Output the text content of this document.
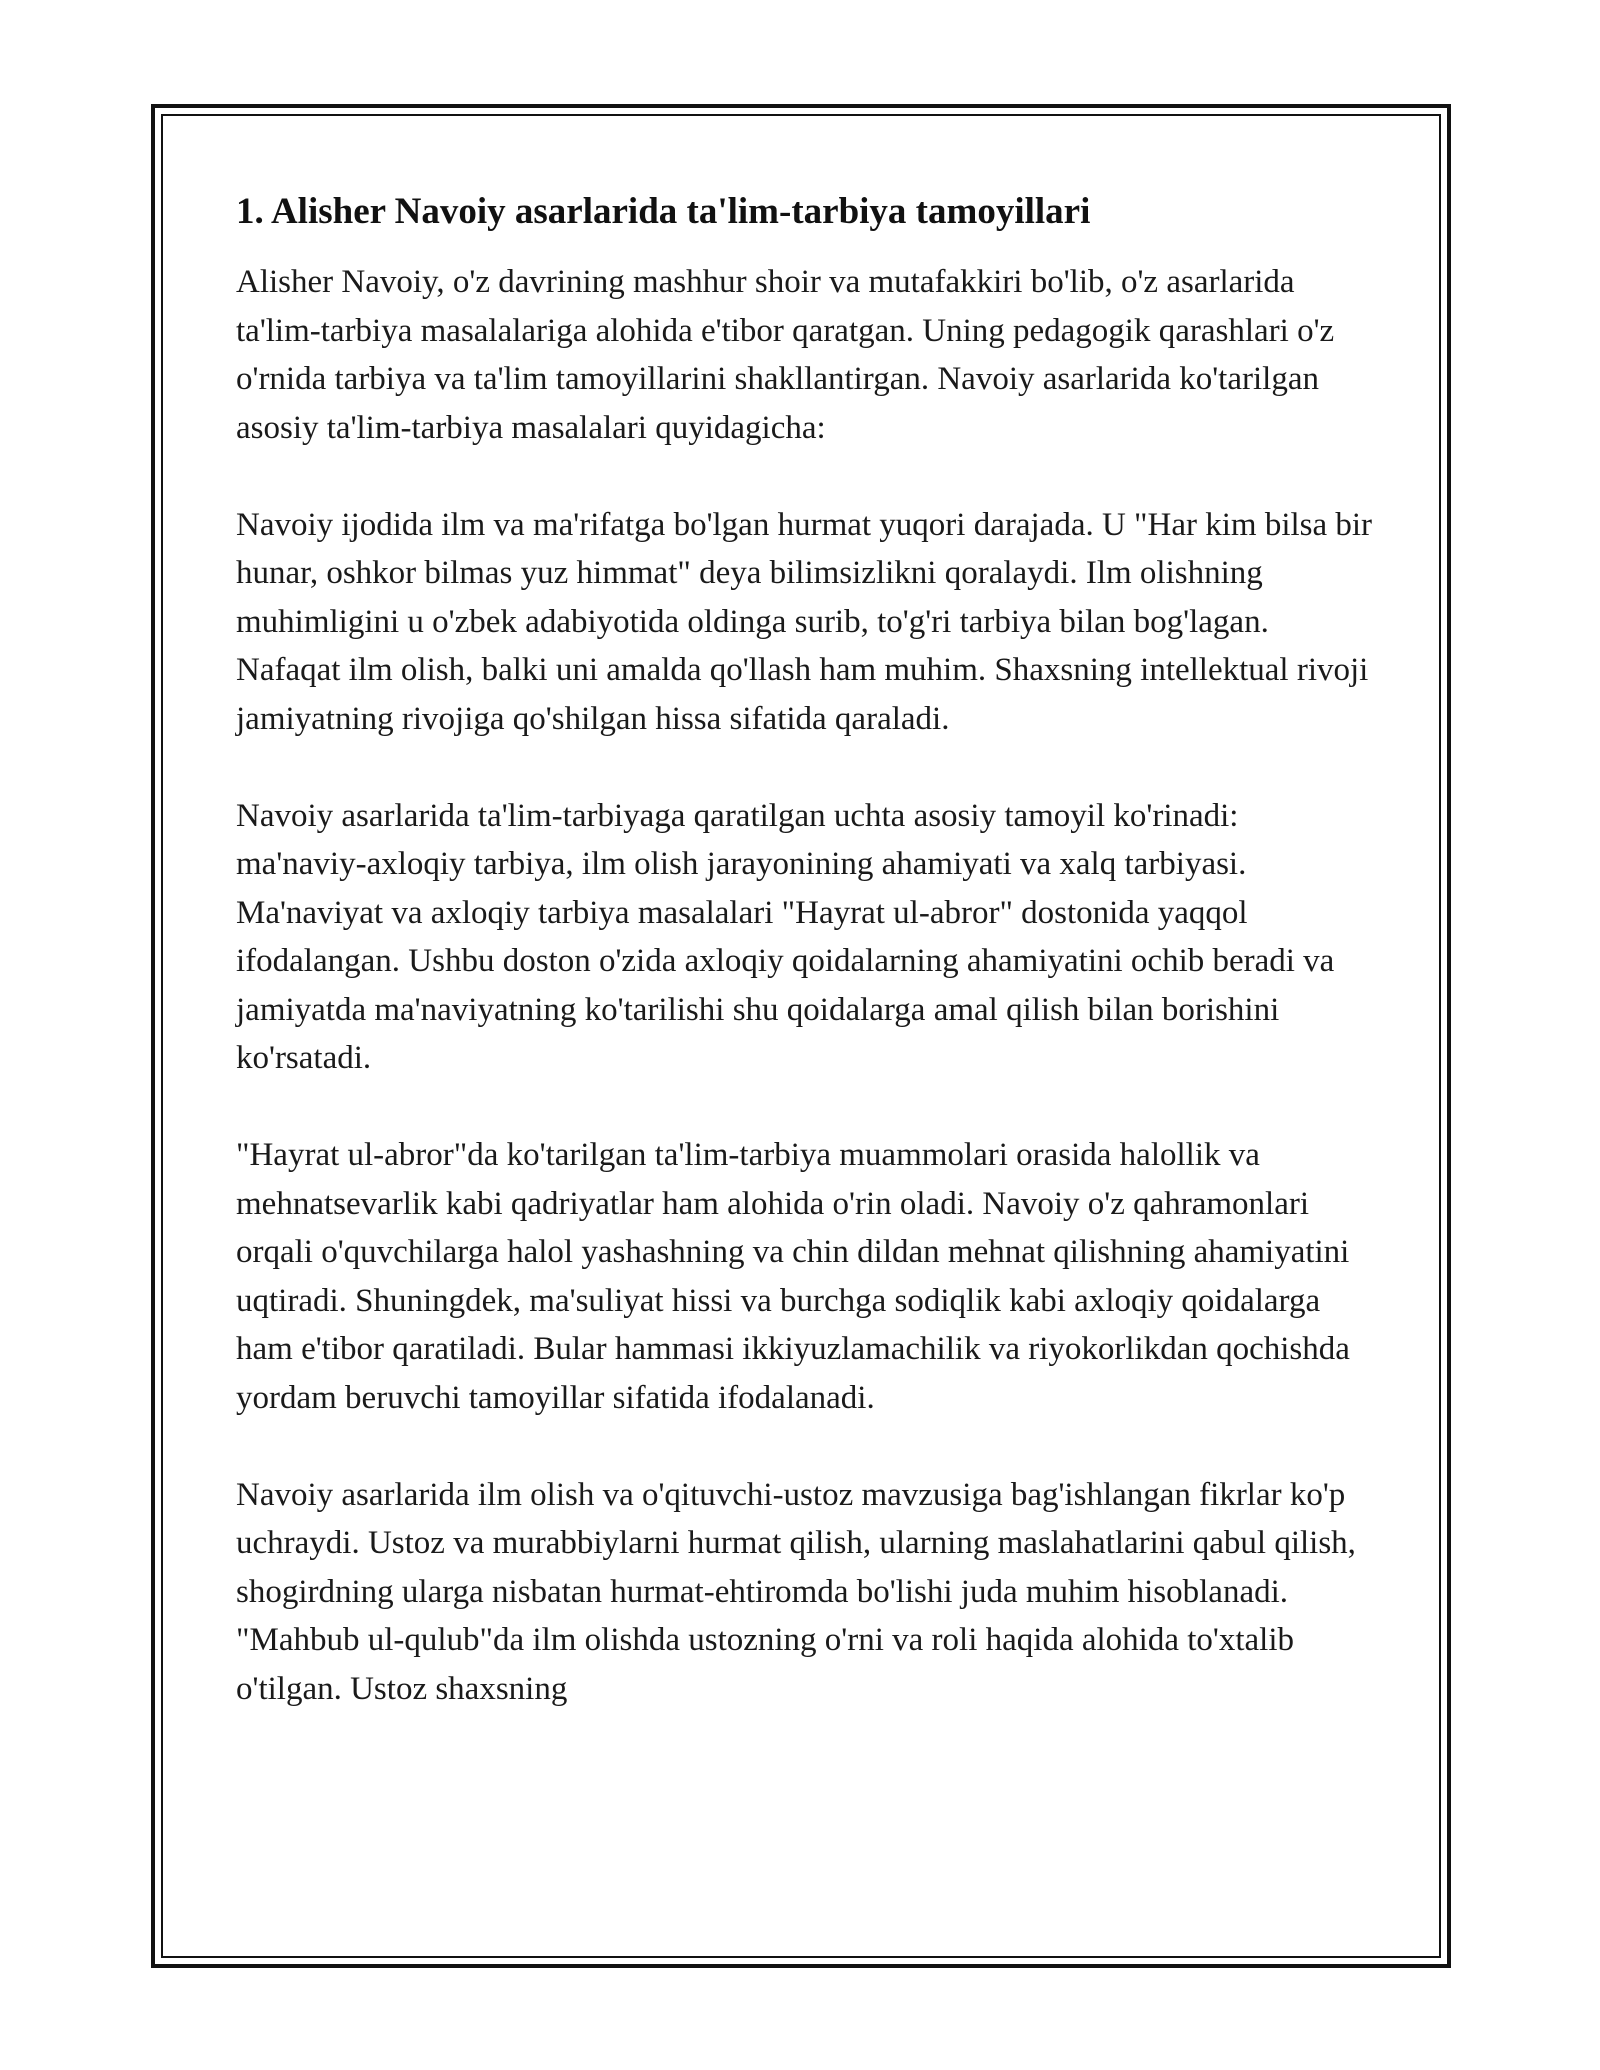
1. Alisher Navoiy asarlarida ta'lim-tarbiya tamoyillari

Alisher Navoiy, o'z davrining mashhur shoir va mutafakkiri bo'lib, o'z asarlarida ta'lim-tarbiya masalalariga alohida e'tibor qaratgan. Uning pedagogik qarashlari o'z o'rnida tarbiya va ta'lim tamoyillarini shakllantirgan. Navoiy asarlarida ko'tarilgan asosiy ta'lim-tarbiya masalalari quyidagicha:

Navoiy ijodida ilm va ma'rifatga bo'lgan hurmat yuqori darajada. U "Har kim bilsa bir hunar, oshkor bilmas yuz himmat" deya bilimsizlikni qoralaydi. Ilm olishning muhimligini u o'zbek adabiyotida oldinga surib, to'g'ri tarbiya bilan bog'lagan. Nafaqat ilm olish, balki uni amalda qo'llash ham muhim. Shaxsning intellektual rivoji jamiyatning rivojiga qo'shilgan hissa sifatida qaraladi.

Navoiy asarlarida ta'lim-tarbiyaga qaratilgan uchta asosiy tamoyil ko'rinadi: ma'naviy-axloqiy tarbiya, ilm olish jarayonining ahamiyati va xalq tarbiyasi. Ma'naviyat va axloqiy tarbiya masalalari "Hayrat ul-abror" dostonida yaqqol ifodalangan. Ushbu doston o'zida axloqiy qoidalarning ahamiyatini ochib beradi va jamiyatda ma'naviyatning ko'tarilishi shu qoidalarga amal qilish bilan borishini ko'rsatadi.

"Hayrat ul-abror"da ko'tarilgan ta'lim-tarbiya muammolari orasida halollik va mehnatsevarlik kabi qadriyatlar ham alohida o'rin oladi. Navoiy o'z qahramonlari orqali o'quvchilarga halol yashashning va chin dildan mehnat qilishning ahamiyatini uqtiradi. Shuningdek, ma'suliyat hissi va burchga sodiqlik kabi axloqiy qoidalarga ham e'tibor qaratiladi. Bular hammasi ikkiyuzlamachilik va riyokorlikdan qochishda yordam beruvchi tamoyillar sifatida ifodalanadi.

Navoiy asarlarida ilm olish va o'qituvchi-ustoz mavzusiga bag'ishlangan fikrlar ko'p uchraydi. Ustoz va murabbiylarni hurmat qilish, ularning maslahatlarini qabul qilish, shogirdning ularga nisbatan hurmat-ehtiromda bo'lishi juda muhim hisoblanadi. "Mahbub ul-qulub"da ilm olishda ustozning o'rni va roli haqida alohida to'xtalib o'tilgan. Ustoz shaxsning
